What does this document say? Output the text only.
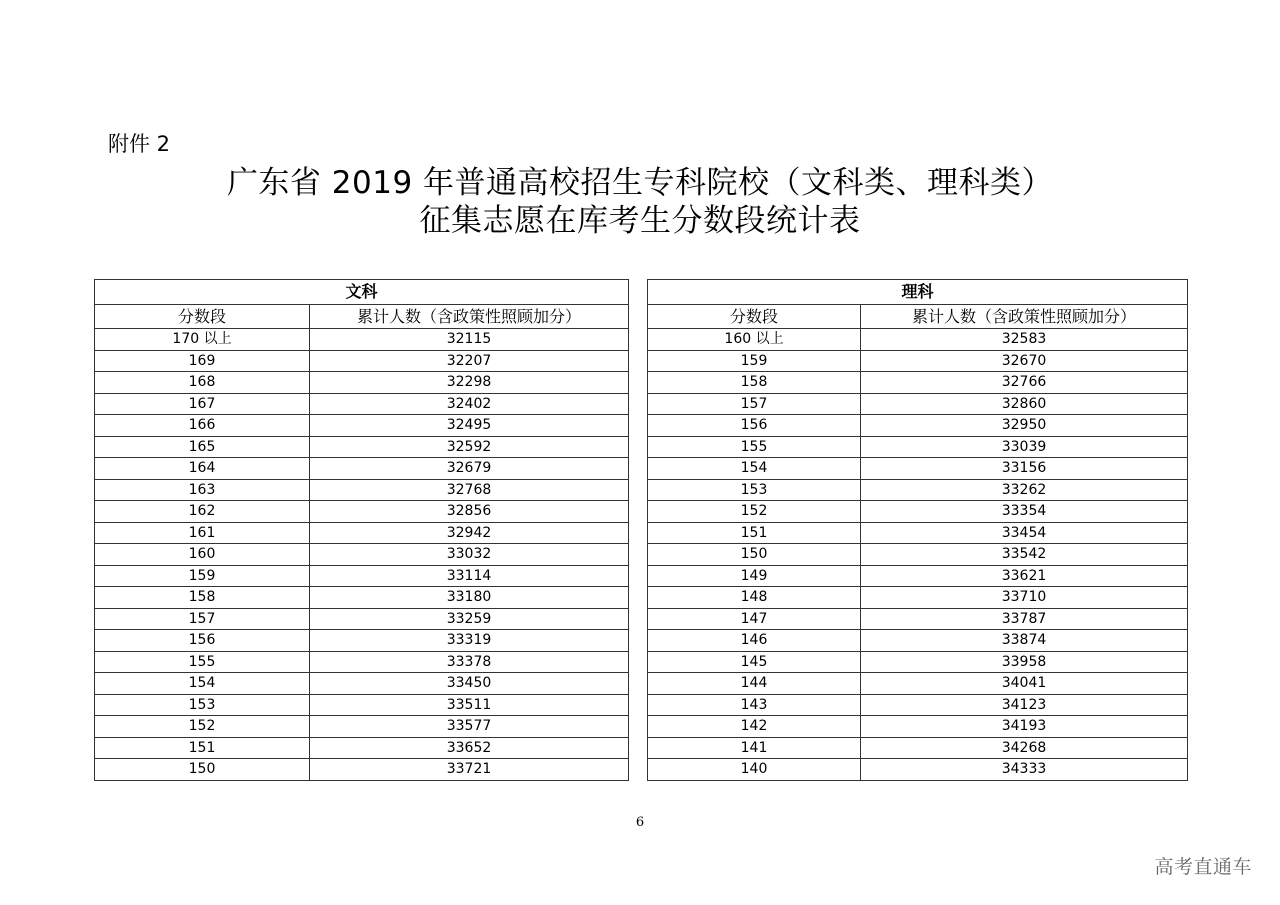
附件 2
广东省 2019 年普通高校招生专科院校（文科类、理科类）
征集志愿在库考生分数段统计表
文科	
分数段	累计人数（含政策性照顾加分）
170 以上	32115
169	32207
168	32298
167	32402
166	32495
165	32592
164	32679
163	32768
162	32856
161	32942
160	33032
159	33114
158	33180
157	33259
156	33319
155	33378
154	33450
153	33511
152	33577
151	33652
150	33721
理科	
分数段	累计人数（含政策性照顾加分）
160 以上	32583
159	32670
158	32766
157	32860
156	32950
155	33039
154	33156
153	33262
152	33354
151	33454
150	33542
149	33621
148	33710
147	33787
146	33874
145	33958
144	34041
143	34123
142	34193
141	34268
140	34333
6
高考直通车
